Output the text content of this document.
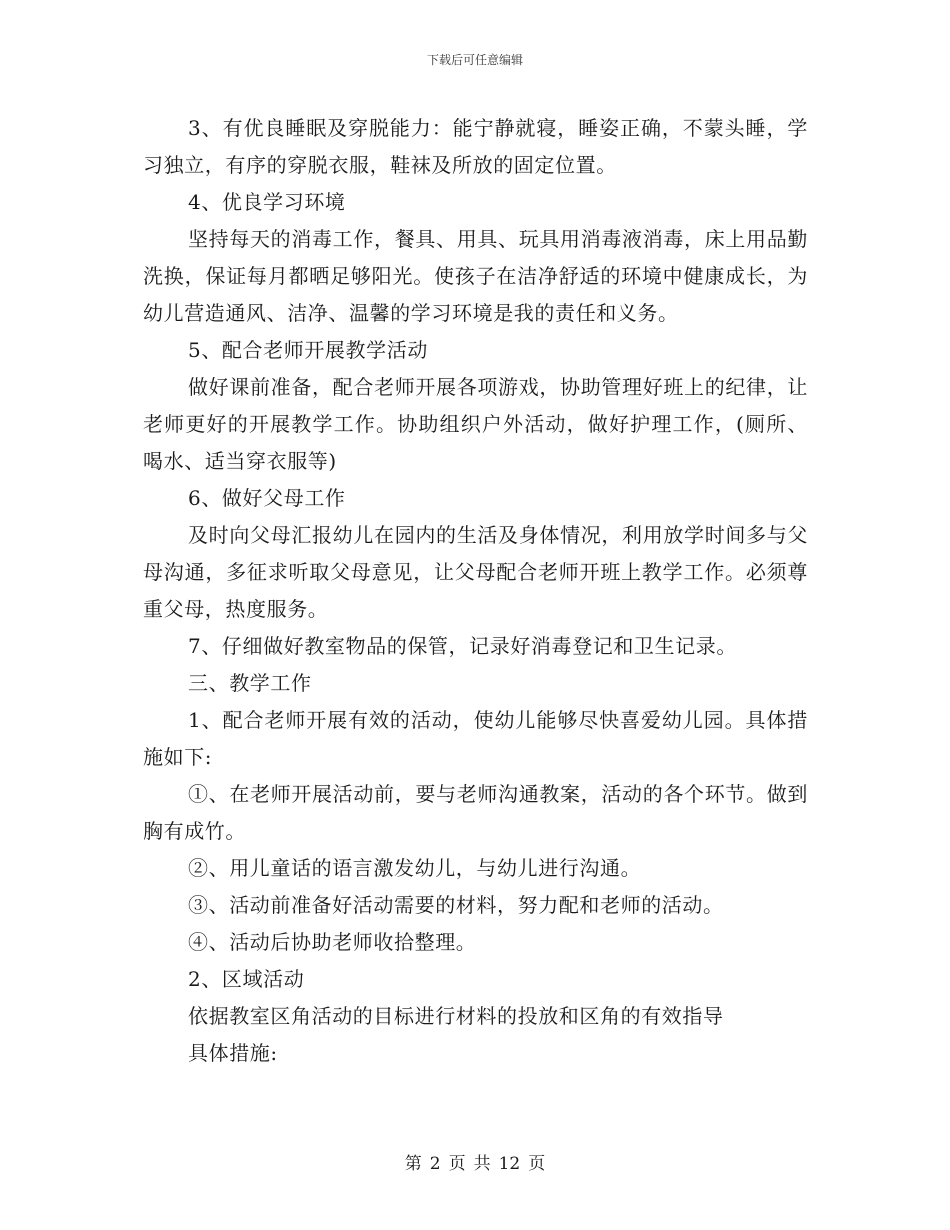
下载后可任意编辑

3、有优良睡眠及穿脱能力：能宁静就寝，睡姿正确，不蒙头睡，学习独立，有序的穿脱衣服，鞋袜及所放的固定位置。

4、优良学习环境

坚持每天的消毒工作，餐具、用具、玩具用消毒液消毒，床上用品勤洗换，保证每月都晒足够阳光。使孩子在洁净舒适的环境中健康成长，为幼儿营造通风、洁净、温馨的学习环境是我的责任和义务。

5、配合老师开展教学活动

做好课前准备，配合老师开展各项游戏，协助管理好班上的纪律，让老师更好的开展教学工作。协助组织户外活动，做好护理工作，(厕所、喝水、适当穿衣服等)

6、做好父母工作

及时向父母汇报幼儿在园内的生活及身体情况，利用放学时间多与父母沟通，多征求听取父母意见，让父母配合老师开班上教学工作。必须尊重父母，热度服务。

7、仔细做好教室物品的保管，记录好消毒登记和卫生记录。

三、教学工作

1、配合老师开展有效的活动，使幼儿能够尽快喜爱幼儿园。具体措施如下:

①、在老师开展活动前，要与老师沟通教案，活动的各个环节。做到胸有成竹。

②、用儿童话的语言激发幼儿，与幼儿进行沟通。

③、活动前准备好活动需要的材料，努力配和老师的活动。

④、活动后协助老师收拾整理。

2、区域活动

依据教室区角活动的目标进行材料的投放和区角的有效指导

具体措施:

第 2 页 共 12 页
